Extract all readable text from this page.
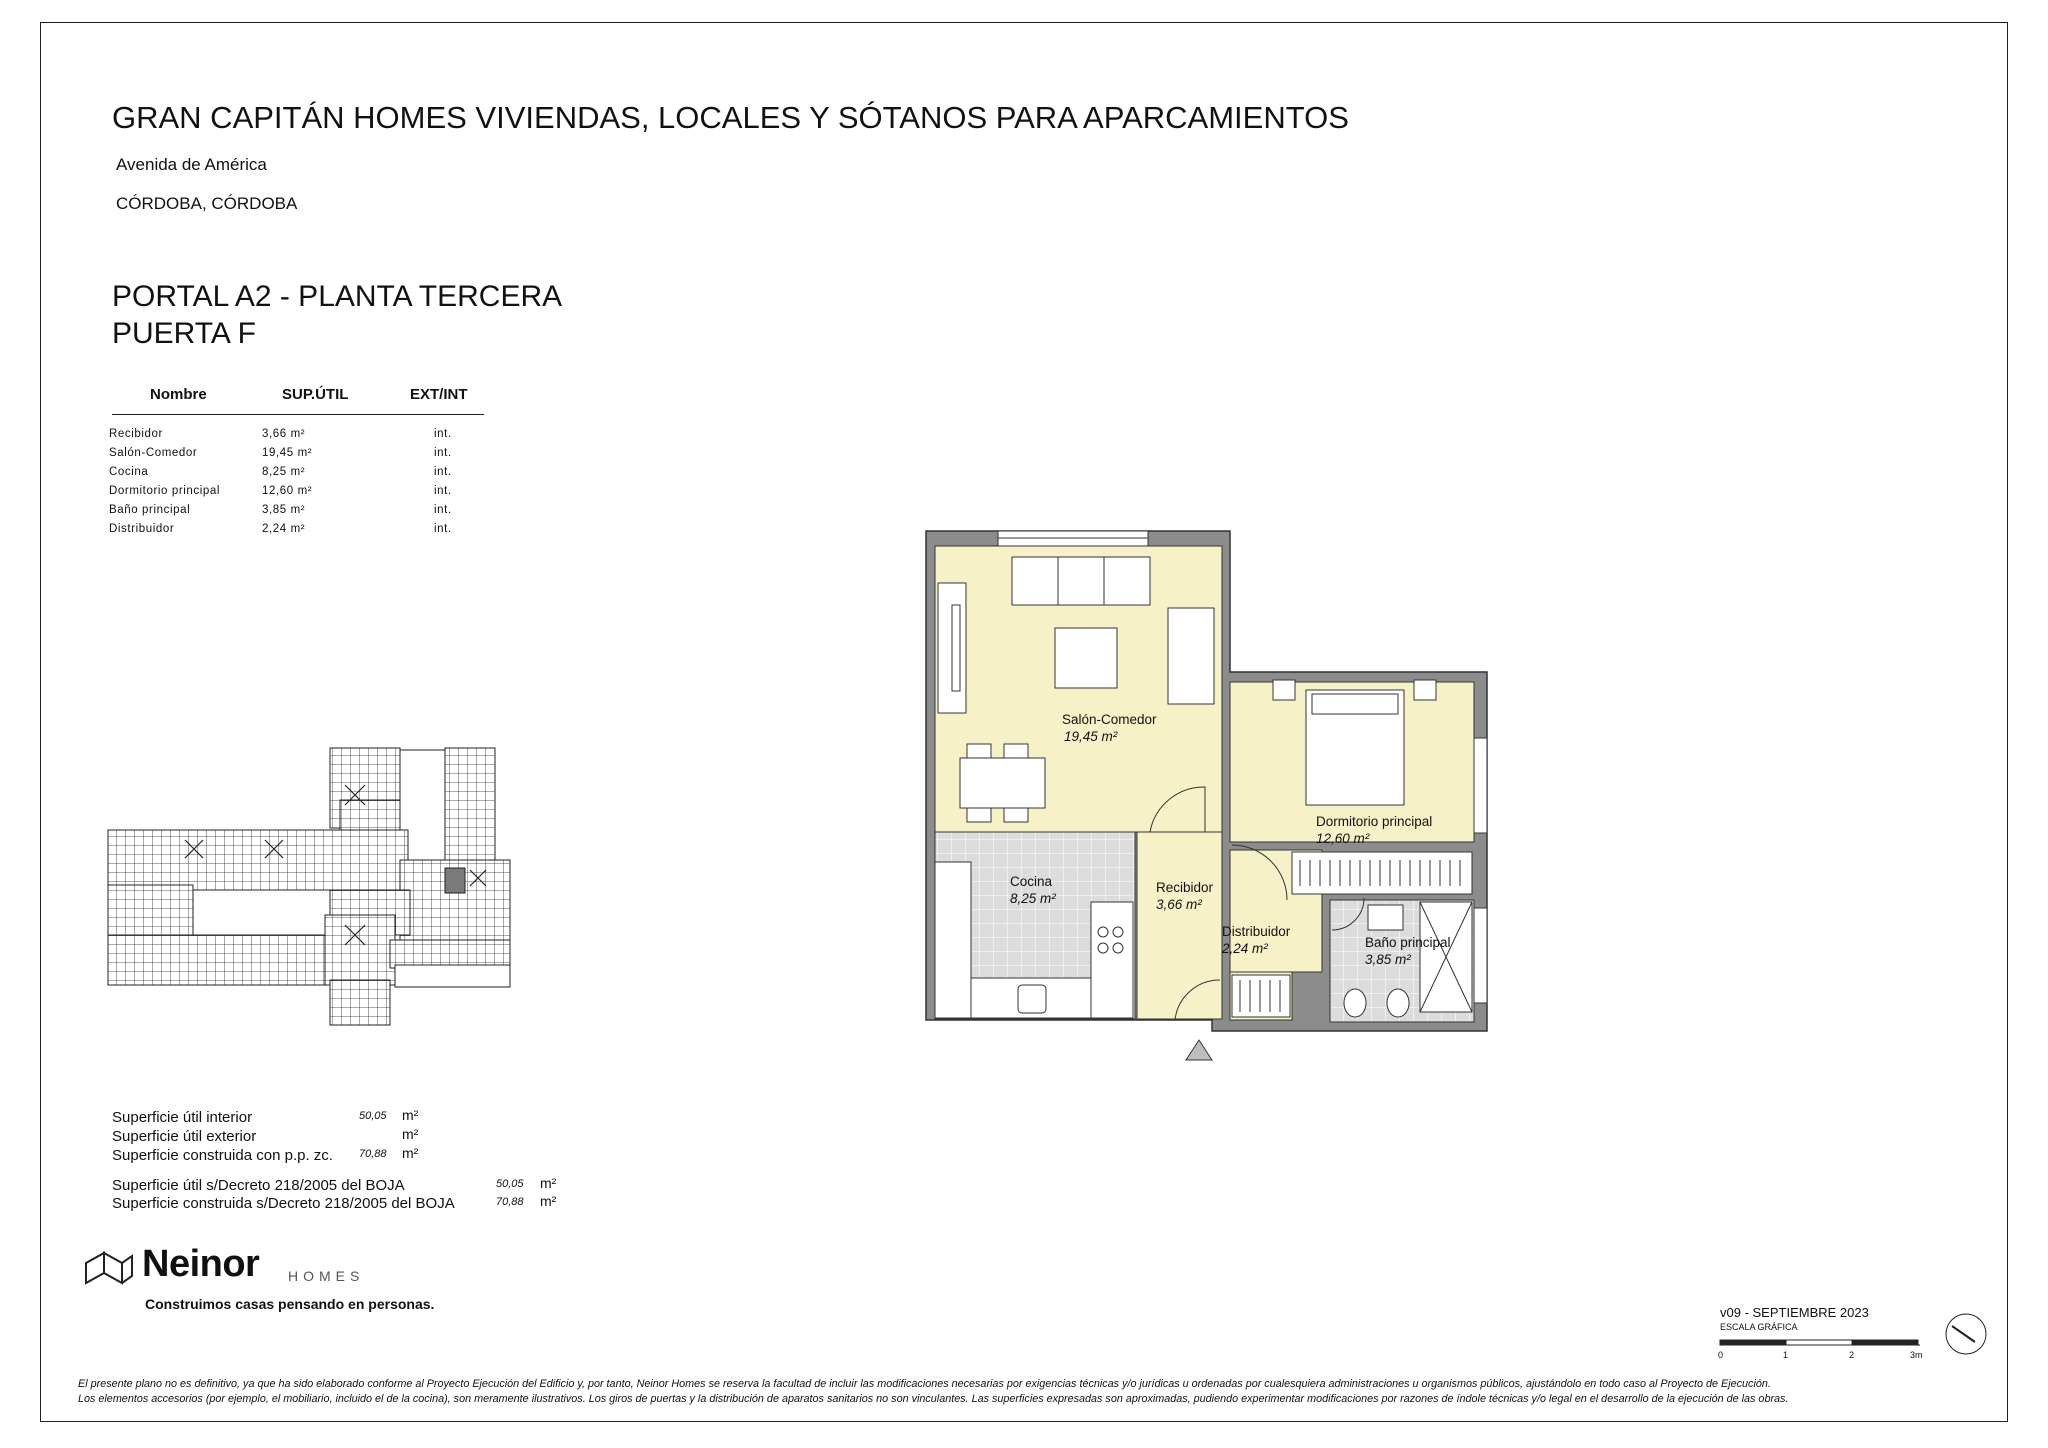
GRAN CAPITÁN HOMES VIVIENDAS, LOCALES Y SÓTANOS PARA APARCAMIENTOS
Avenida de América
CÓRDOBA, CÓRDOBA
PORTAL A2 - PLANTA TERCERA
PUERTA F
Nombre	SUP.ÚTIL	EXT/INT
Recibidor	3,66 m²	int.
Salón-Comedor	19,45 m²	int.
Cocina	8,25 m²	int.
Dormitorio principal	12,60 m²	int.
Baño principal	3,85 m²	int.
Distribuidor	2,24 m²	int.
Salón-Comedor
19,45 m²
Cocina
8,25 m²
Recibidor
3,66 m²
Distribuidor
2,24 m²
Dormitorio principal
12,60 m²
Baño principal
3,85 m²
Superficie útil interior	50,05 m²
Superficie útil exterior	m²
Superficie construida con p.p. zc. 70,88 m²
Superficie útil s/Decreto 218/2005 del BOJA	50,05 m²
Superficie construida s/Decreto 218/2005 del BOJA	70,88 m²
Neinor HOMES
Construimos casas pensando en personas.
v09 - SEPTIEMBRE 2023
ESCALA GRÁFICA
0	1	2	3m
El presente plano no es definitivo, ya que ha sido elaborado conforme al Proyecto Ejecución del Edificio y, por tanto, Neinor Homes se reserva la facultad de incluir las modificaciones necesarias por exigencias técnicas y/o jurídicas u ordenadas por cualesquiera administraciones u organismos públicos, ajustándolo en todo caso al Proyecto de Ejecución.
Los elementos accesorios (por ejemplo, el mobiliario, incluido el de la cocina), son meramente ilustrativos. Los giros de puertas y la distribución de aparatos sanitarios no son vinculantes. Las superficies expresadas son aproximadas, pudiendo experimentar modificaciones por razones de índole técnicas y/o legal en el desarrollo de la ejecución de las obras.
